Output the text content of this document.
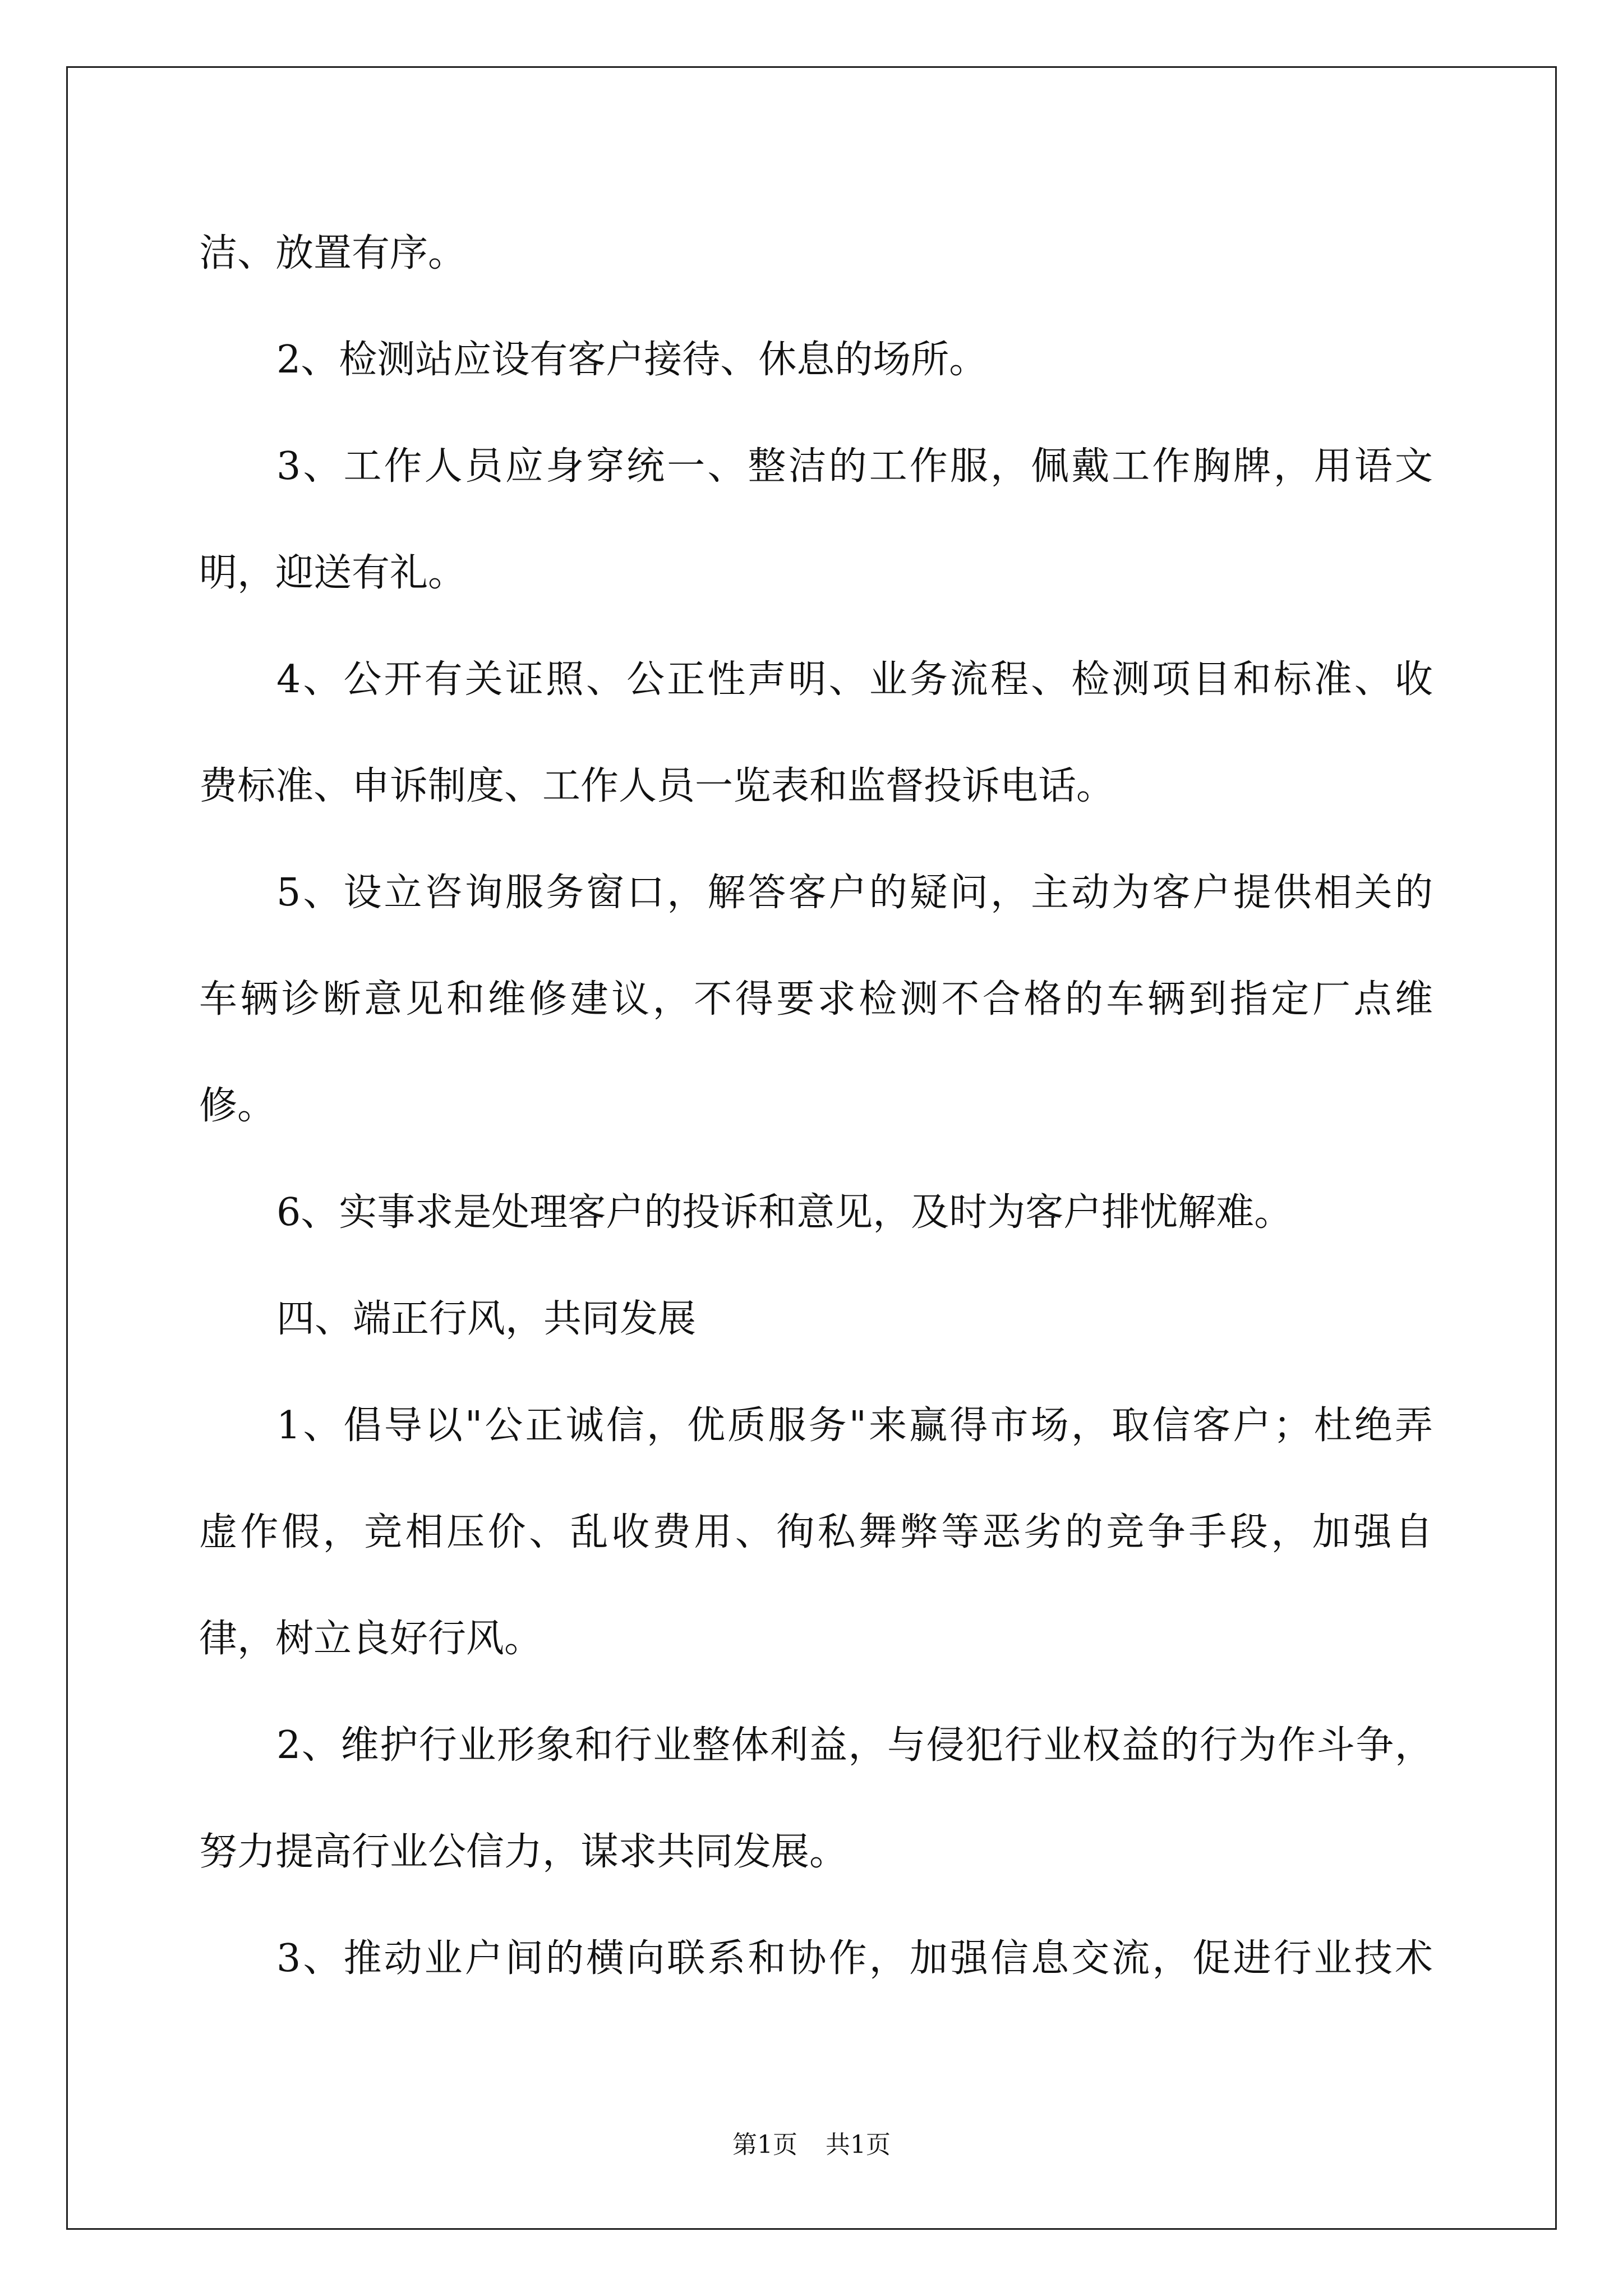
洁、放置有序。
2、检测站应设有客户接待、休息的场所。
3、工作人员应身穿统一、整洁的工作服，佩戴工作胸牌，用语文
明，迎送有礼。
4、公开有关证照、公正性声明、业务流程、检测项目和标准、收
费标准、申诉制度、工作人员一览表和监督投诉电话。
5、设立咨询服务窗口，解答客户的疑问，主动为客户提供相关的
车辆诊断意见和维修建议，不得要求检测不合格的车辆到指定厂点维
修。
6、实事求是处理客户的投诉和意见，及时为客户排忧解难。
四、端正行风，共同发展
1、倡导以"公正诚信，优质服务"来赢得市场，取信客户；杜绝弄
虚作假，竞相压价、乱收费用、徇私舞弊等恶劣的竞争手段，加强自
律，树立良好行风。
2、维护行业形象和行业整体利益，与侵犯行业权益的行为作斗争，
努力提高行业公信力，谋求共同发展。
3、推动业户间的横向联系和协作，加强信息交流，促进行业技术
第1页 共1页
